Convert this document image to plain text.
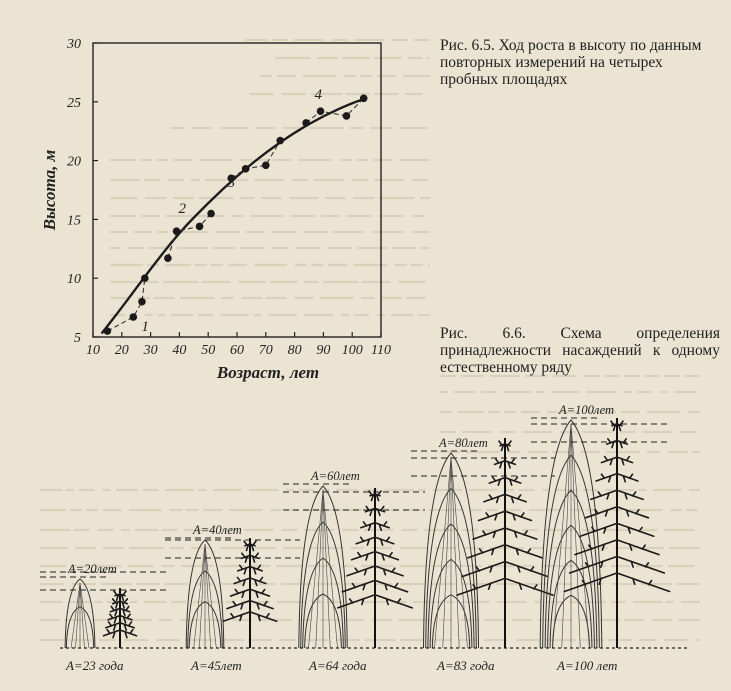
10 20 30 40 50 60 70 80 90 100 110
5
10
15
20
25
30
1
2
3
4
Высота, м
Возраст, лет

Рис. 6.5. Ход роста в высоту по данным повторных измерений на четырех пробных площадях

Рис. 6.6. Схема определения принадлежности насаждений к одному естественному ряду

А=20лет
А=23 года
А=40лет
А=45лет
А=60лет
А=64 года
А=80лет
А=83 года
А=100лет
А=100 лет
